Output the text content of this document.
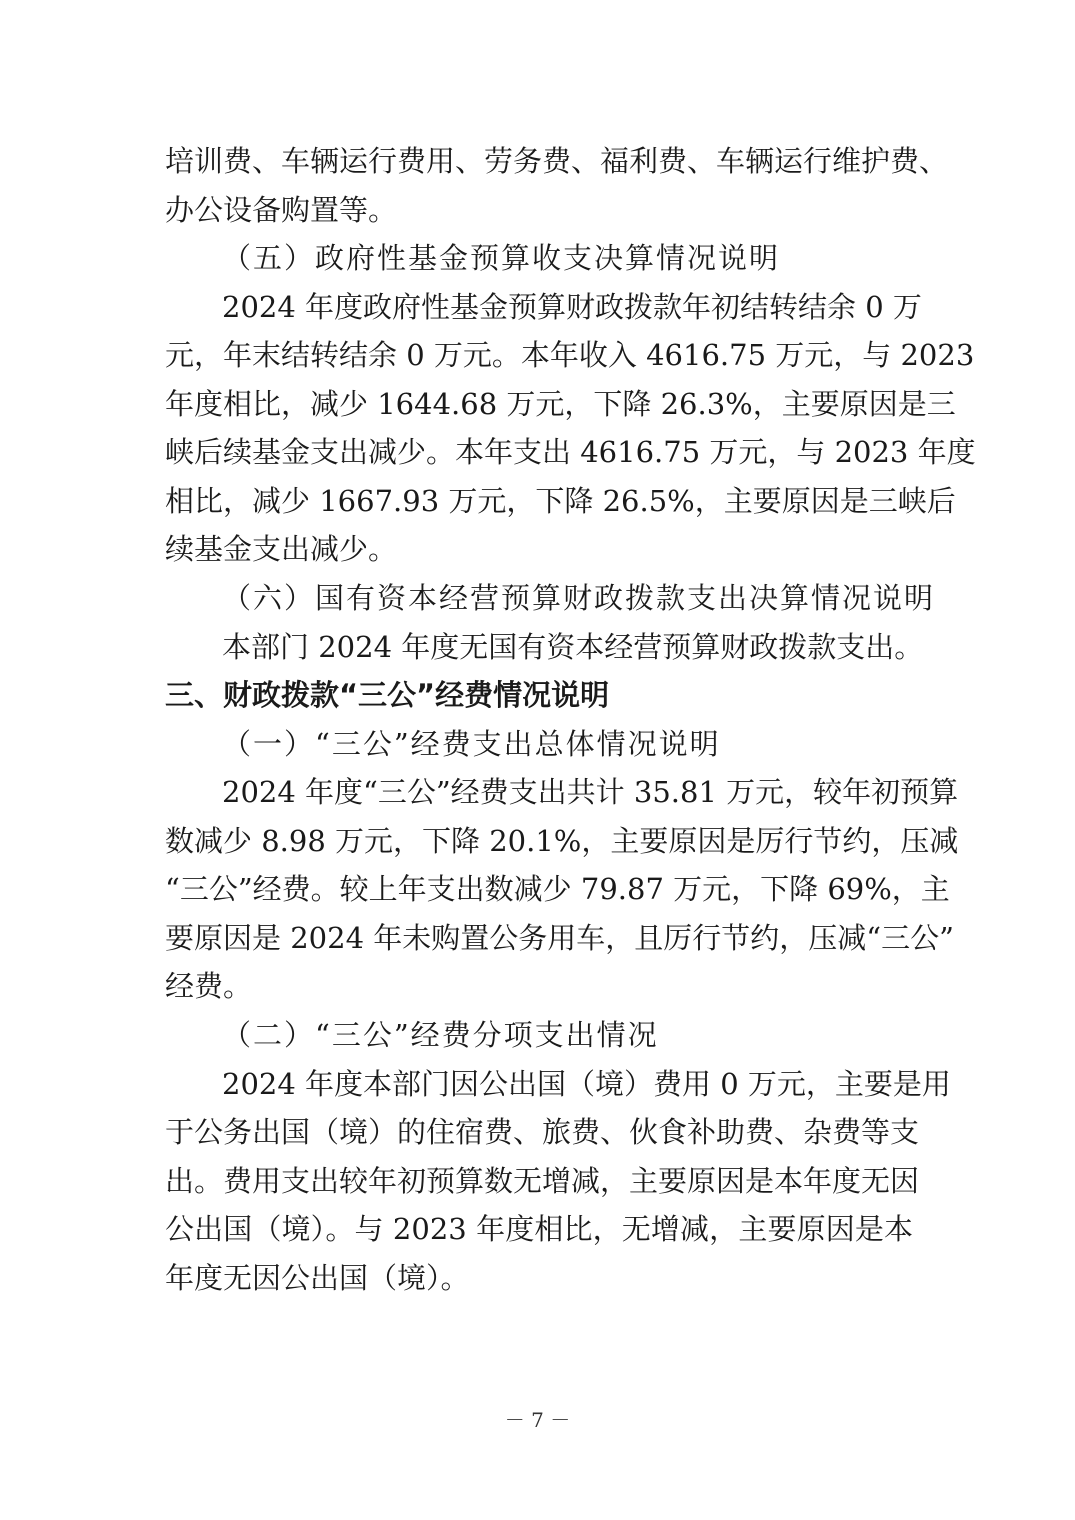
培训费、车辆运行费用、劳务费、福利费、车辆运行维护费、
办公设备购置等。
（五）政府性基金预算收支决算情况说明
2024 年度政府性基金预算财政拨款年初结转结余 0 万
元，年末结转结余 0 万元。本年收入 4616.75 万元，与 2023
年度相比，减少 1644.68 万元，下降 26.3%，主要原因是三
峡后续基金支出减少。本年支出 4616.75 万元，与 2023 年度
相比，减少 1667.93 万元，下降 26.5%，主要原因是三峡后
续基金支出减少。
（六）国有资本经营预算财政拨款支出决算情况说明
本部门 2024 年度无国有资本经营预算财政拨款支出。
三、财政拨款“三公”经费情况说明
（一）“三公”经费支出总体情况说明
2024 年度“三公”经费支出共计 35.81 万元，较年初预算
数减少 8.98 万元，下降 20.1%，主要原因是厉行节约，压减
“三公”经费。较上年支出数减少 79.87 万元，下降 69%，主
要原因是 2024 年未购置公务用车，且厉行节约，压减“三公”
经费。
（二）“三公”经费分项支出情况
2024 年度本部门因公出国（境）费用 0 万元，主要是用
于公务出国（境）的住宿费、旅费、伙食补助费、杂费等支
出。费用支出较年初预算数无增减，主要原因是本年度无因
公出国（境）。与 2023 年度相比，无增减，主要原因是本
年度无因公出国（境）。
－ 7 －
